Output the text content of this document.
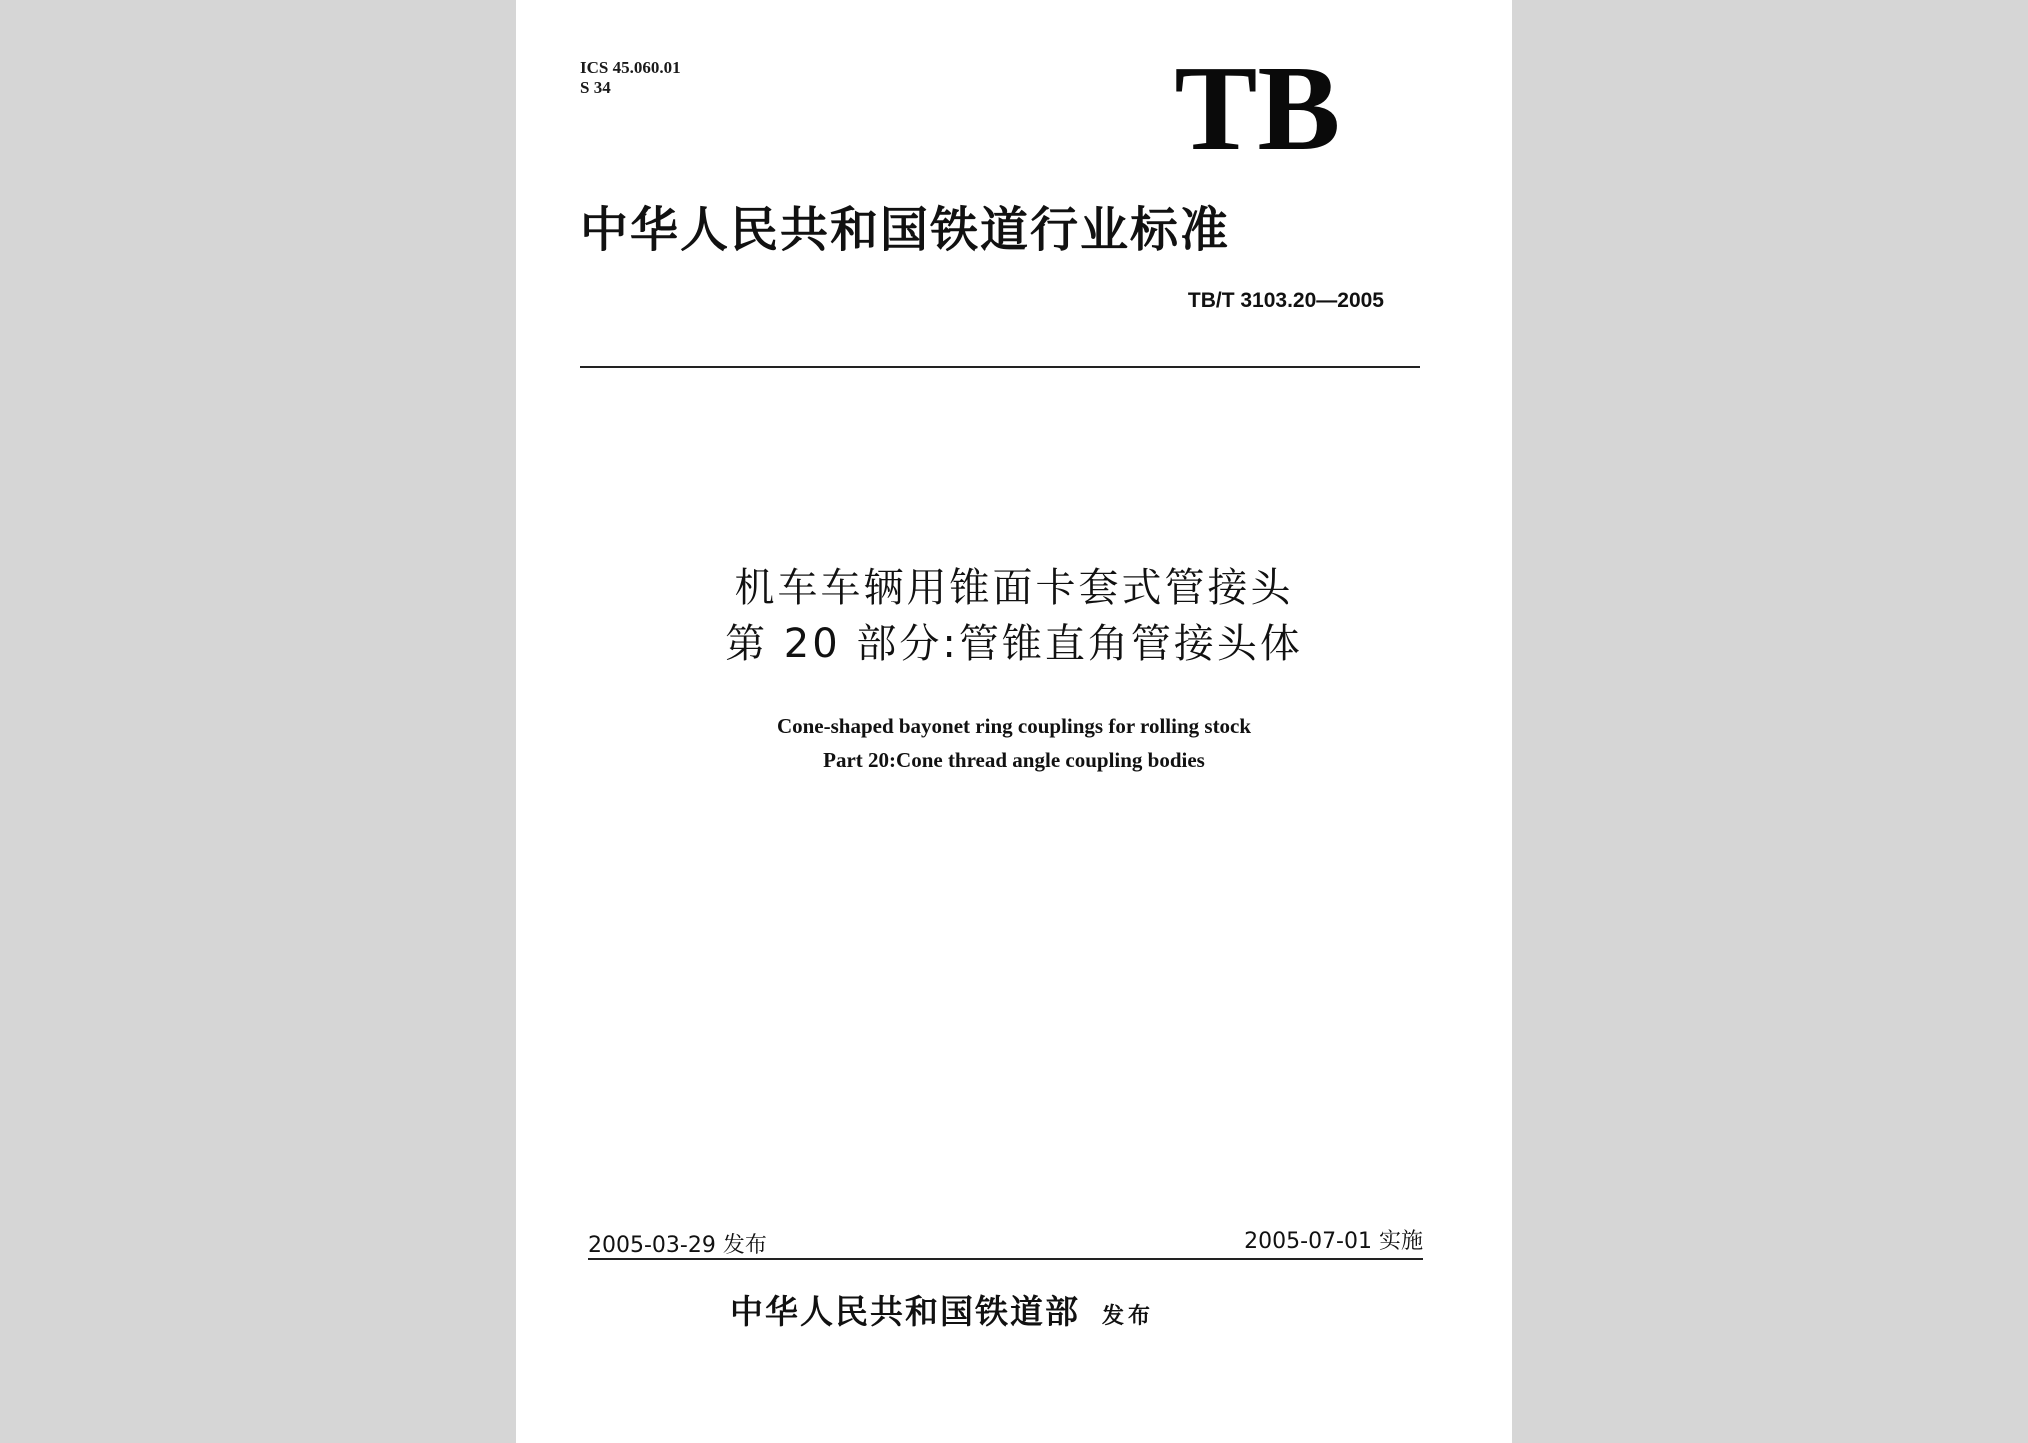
ICS 45.060.01
S 34	TB
中华人民共和国铁道行业标准
TB/T 3103.20—2005
机车车辆用锥面卡套式管接头
第 20 部分:管锥直角管接头体
Cone-shaped bayonet ring couplings for rolling stock
Part 20:Cone thread angle coupling bodies
2005-03-29 发布	2005-07-01 实施
中华人民共和国铁道部 发布
